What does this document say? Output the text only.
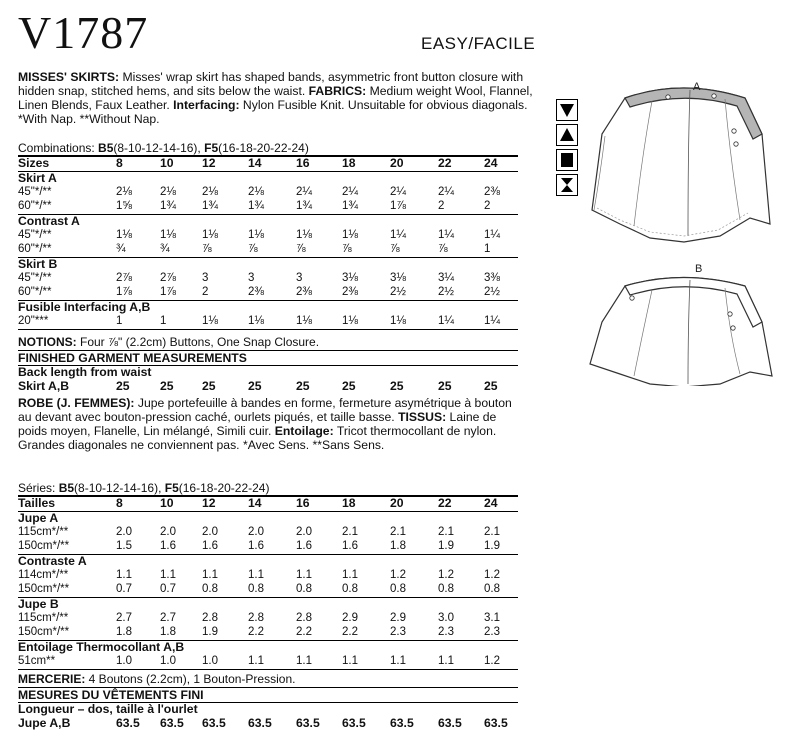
V1787	EASY/FACILE

MISSES' SKIRTS: Misses' wrap skirt has shaped bands, asymmetric front button closure with hidden snap, stitched hems, and sits below the waist. FABRICS: Medium weight Wool, Flannel, Linen Blends, Faux Leather. Interfacing: Nylon Fusible Knit. Unsuitable for obvious diagonals. *With Nap. **Without Nap.

Combinations: B5(8-10-12-14-16), F5(16-18-20-22-24)
Sizes	8	10 12	14	16	18	20	22	24
Skirt A
45"*/**	2⅛ 2⅛ 2⅛	2⅛	2¼	2¼	2¼	2¼	2⅜
60"*/**	1⅝ 1¾ 1¾	1¾	1¾	1¾	1⅞	2	2
Contrast A
45"*/**	1⅛ 1⅛ 1⅛	1⅛	1⅛	1⅛	1¼	1¼	1¼
60"*/**	¾	¾	⅞	⅞	⅞	⅞	⅞	⅞	1
Skirt B
45"*/**	2⅞ 2⅞ 3	3	3	3⅛	3⅛	3¼	3⅜
60"*/**	1⅞ 1⅞ 2	2⅜	2⅜	2⅜	2½	2½	2½
Fusible Interfacing A,B
20"***	1	1	1⅛	1⅛	1⅛	1⅛	1⅛	1¼	1¼
NOTIONS: Four ⅞" (2.2cm) Buttons, One Snap Closure.
FINISHED GARMENT MEASUREMENTS
Back length from waist
Skirt A,B	25 25 25	25	25	25	25	25	25

ROBE (J. FEMMES): Jupe portefeuille à bandes en forme, fermeture asymétrique à bouton au devant avec bouton-pression caché, ourlets piqués, et taille basse. TISSUS: Laine de poids moyen, Flanelle, Lin mélangé, Simili cuir. Entoilage: Tricot thermocollant de nylon. Grandes diagonales ne conviennent pas. *Avec Sens. **Sans Sens.

Séries: B5(8-10-12-14-16), F5(16-18-20-22-24)
Tailles	8	10 12	14	16	18	20	22	24
Jupe A
115cm*/**	2.0 2.0 2.0	2.0	2.0	2.1	2.1	2.1	2.1
150cm*/**	1.5 1.6 1.6	1.6	1.6	1.6	1.8	1.9	1.9
Contraste A
114cm*/**	1.1 1.1 1.1	1.1	1.1	1.1	1.2	1.2	1.2
150cm*/**	0.7 0.7 0.8	0.8	0.8	0.8	0.8	0.8	0.8
Jupe B
115cm*/**	2.7 2.7 2.8	2.8	2.8	2.9	2.9	3.0	3.1
150cm*/**	1.8 1.8 1.9	2.2	2.2	2.2	2.3	2.3	2.3
Entoilage Thermocollant A,B
51cm**	1.0 1.0 1.0	1.1	1.1	1.1	1.1	1.1	1.2
MERCERIE: 4 Boutons (2.2cm), 1 Bouton-Pression.
MESURES DU VÊTEMENTS FINI
Longueur – dos, taille à l'ourlet
Jupe A,B	63.5 63.5 63.5 63.5 63.5 63.5 63.5 63.5 63.5
A
B
